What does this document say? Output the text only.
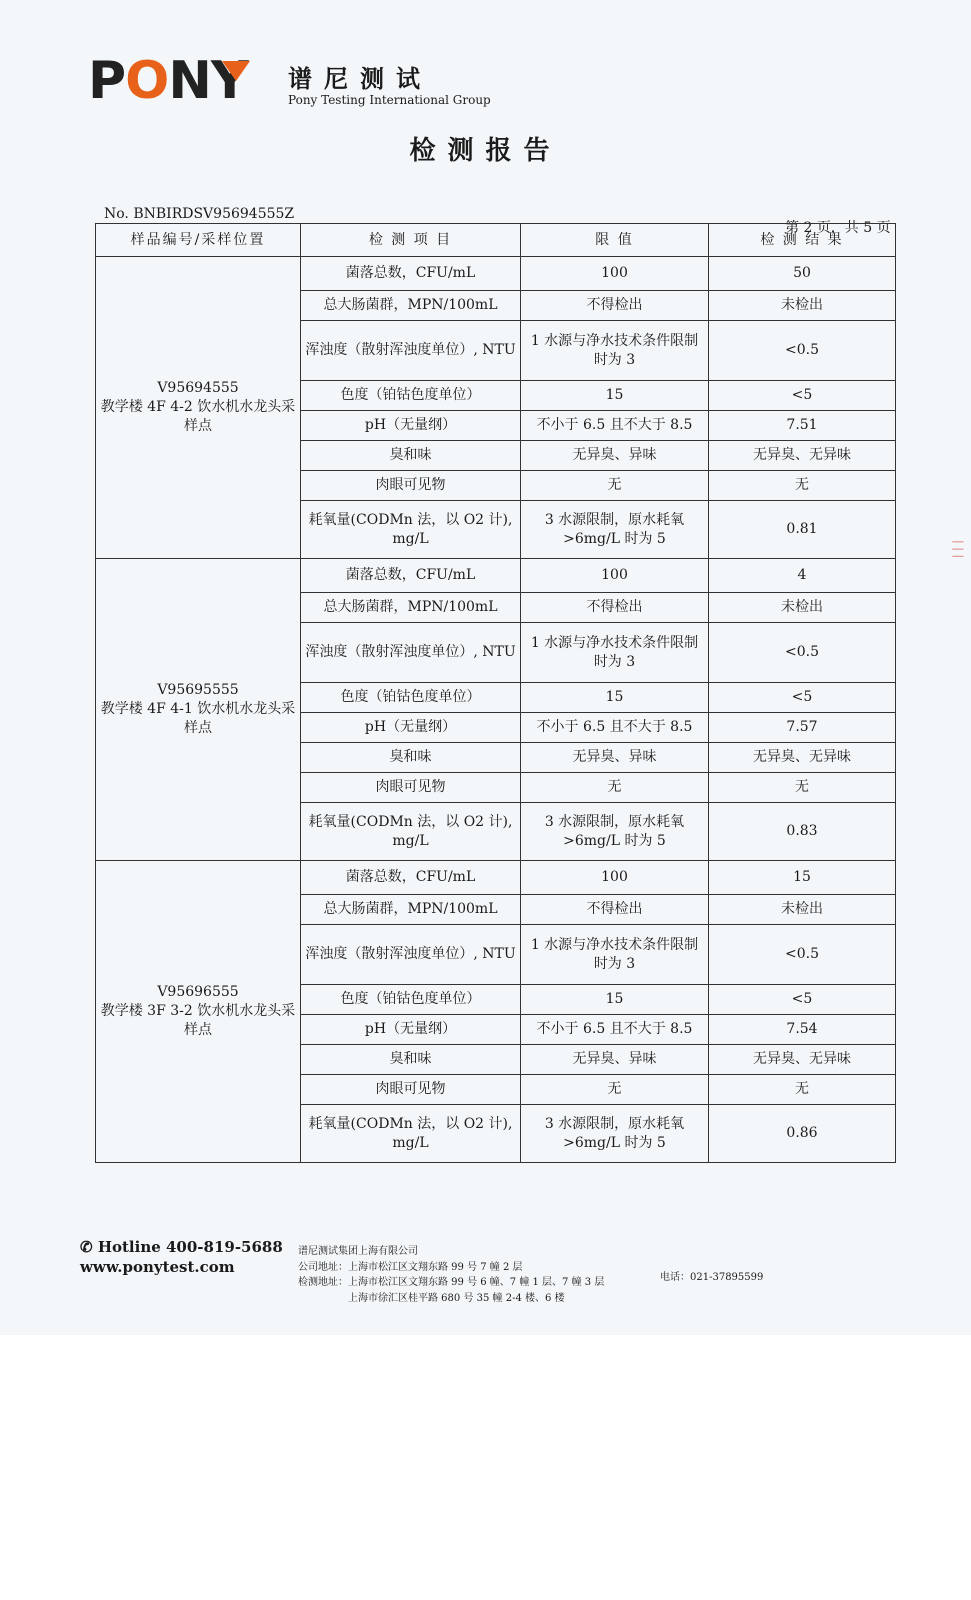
PONY 谱尼测试
Pony Testing International Group
检测报告
No. BNBIRDSV95694555Z
第 2 页，共 5 页
样品编号/采样位置	检 测 项 目	限 值	检 测 结 果

V95694555
教学楼 4F 4-2 饮水机水龙头采样点	菌落总数，CFU/mL	100	50
	总大肠菌群，MPN/100mL	不得检出	未检出
	浑浊度（散射浑浊度单位）, NTU	1 水源与净水技术条件限制时为 3	<0.5
	色度（铂钴色度单位）	15	<5
	pH（无量纲）	不小于 6.5 且不大于 8.5	7.51
	臭和味	无异臭、异味	无异臭、无异味
	肉眼可见物	无	无
	耗氧量(CODMn 法，以 O2 计), mg/L	3 水源限制，原水耗氧 >6mg/L 时为 5	0.81

V95695555
教学楼 4F 4-1 饮水机水龙头采样点	菌落总数，CFU/mL	100	4
	总大肠菌群，MPN/100mL	不得检出	未检出
	浑浊度（散射浑浊度单位）, NTU	1 水源与净水技术条件限制时为 3	<0.5
	色度（铂钴色度单位）	15	<5
	pH（无量纲）	不小于 6.5 且不大于 8.5	7.57
	臭和味	无异臭、异味	无异臭、无异味
	肉眼可见物	无	无
	耗氧量(CODMn 法，以 O2 计), mg/L	3 水源限制，原水耗氧 >6mg/L 时为 5	0.83

V95696555
教学楼 3F 3-2 饮水机水龙头采样点	菌落总数，CFU/mL	100	15
	总大肠菌群，MPN/100mL	不得检出	未检出
	浑浊度（散射浑浊度单位）, NTU	1 水源与净水技术条件限制时为 3	<0.5
	色度（铂钴色度单位）	15	<5
	pH（无量纲）	不小于 6.5 且不大于 8.5	7.54
	臭和味	无异臭、异味	无异臭、无异味
	肉眼可见物	无	无
	耗氧量(CODMn 法，以 O2 计), mg/L	3 水源限制，原水耗氧 >6mg/L 时为 5	0.86
✆ Hotline 400-819-5688
www.ponytest.com
谱尼测试集团上海有限公司
公司地址：上海市松江区文翔东路 99 号 7 幢 2 层
检测地址：上海市松江区文翔东路 99 号 6 幢、7 幢 1 层、7 幢 3 层
上海市徐汇区桂平路 680 号 35 幢 2-4 楼、6 楼
电话：021-37895599
| | |
